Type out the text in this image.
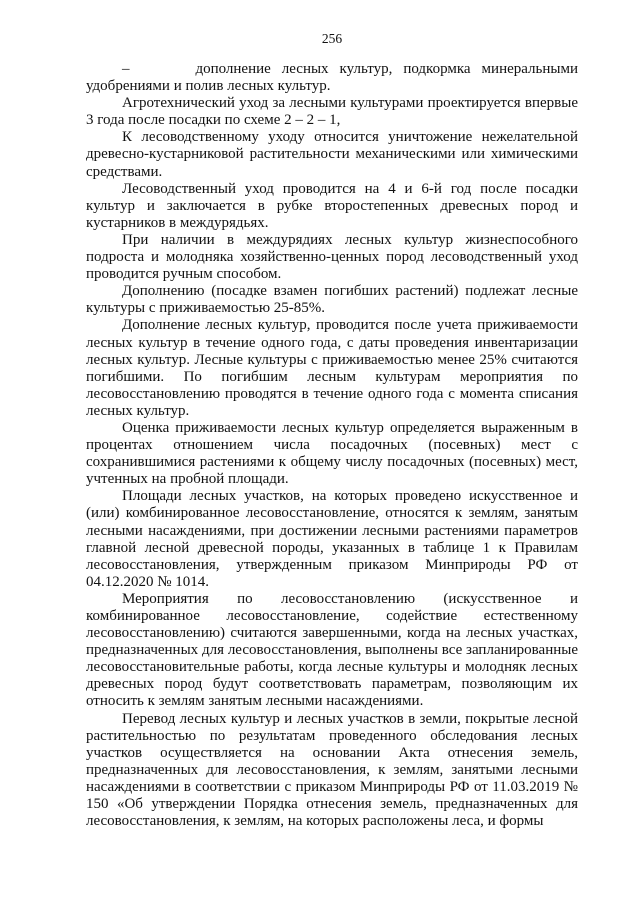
256

–      дополнение лесных культур, подкормка минеральными удобрениями и полив лесных культур.

Агротехнический уход за лесными культурами проектируется впервые 3 года после посадки по схеме 2 – 2 – 1,

К лесоводственному уходу относится уничтожение нежелательной древесно-кустарниковой растительности механическими или химическими средствами.

Лесоводственный уход проводится на 4 и 6-й год после посадки культур и заключается в рубке второстепенных древесных пород и кустарников в междурядьях.

При наличии в междурядиях лесных культур жизнеспособного подроста и молодняка хозяйственно-ценных пород лесоводственный уход проводится ручным способом.

Дополнению (посадке взамен погибших растений) подлежат лесные культуры с приживаемостью 25-85%.

Дополнение лесных культур, проводится после учета приживаемости лесных культур в течение одного года, с даты проведения инвентаризации лесных культур. Лесные культуры с приживаемостью менее 25% считаются погибшими. По погибшим лесным культурам мероприятия по лесовосстановлению проводятся в течение одного года с момента списания лесных культур.

Оценка приживаемости лесных культур определяется выраженным в процентах отношением числа посадочных (посевных) мест с сохранившимися растениями к общему числу посадочных (посевных) мест, учтенных на пробной площади.

Площади лесных участков, на которых проведено искусственное и (или) комбинированное лесовосстановление, относятся к землям, занятым лесными насаждениями, при достижении лесными растениями параметров главной лесной древесной породы, указанных в таблице 1 к Правилам лесовосстановления, утвержденным приказом Минприроды РФ от 04.12.2020 № 1014.

Мероприятия по лесовосстановлению (искусственное и комбинированное лесовосстановление, содействие естественному лесовосстановлению) считаются завершенными, когда на лесных участках, предназначенных для лесовосстановления, выполнены все запланированные лесовосстановительные работы, когда лесные культуры и молодняк лесных древесных пород будут соответствовать параметрам, позволяющим их относить к землям занятым лесными насаждениями.

Перевод лесных культур и лесных участков в земли, покрытые лесной растительностью по результатам проведенного обследования лесных участков осуществляется на основании Акта отнесения земель, предназначенных для лесовосстановления, к землям, занятыми лесными насаждениями в соответствии с приказом Минприроды РФ от 11.03.2019 № 150 «Об утверждении Порядка отнесения земель, предназначенных для лесовосстановления, к землям, на которых расположены леса, и формы
